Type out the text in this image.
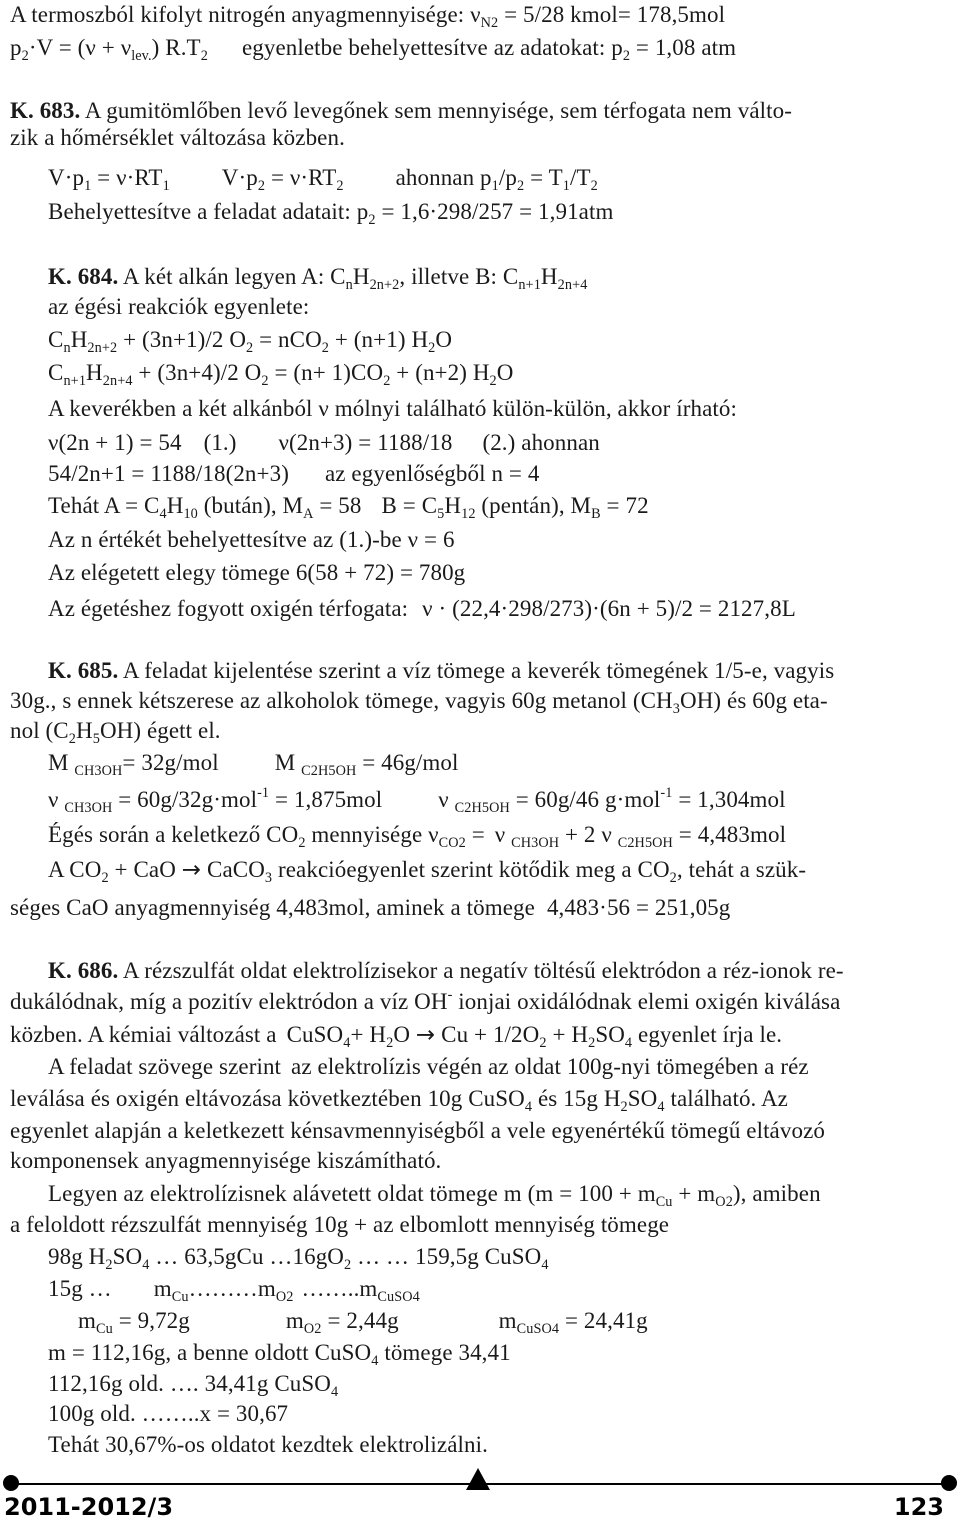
A termoszból kifolyt nitrogén anyagmennyisége: $\nu_{N2} = 5/28$ kmol= 178,5mol
$p_2\cdot V = (\nu + \nu_{lev.})$ $R.T_2$ egyenletbe behelyettesítve az adatokat: $p_2 = 1,08$ atm
K. 683. A gumitömlőben levő levegőnek sem mennyisége, sem térfogata nem válto-
zik a hőmérséklet változása közben.
$V\cdot p_1 = \nu\cdot RT_1$ $V\cdot p_2 = \nu\cdot RT_2$ ahonnan $p_1/p_2 = T_1/T_2$
Behelyettesítve a feladat adatait: $p_2 = 1,6\cdot 298/257 = 1,91atm$
K. 684. A két alkán legyen A: $C_nH_{2n+2}$, illetve B: $C_{n+1}H_{2n+4}$
az égési reakciók egyenlete:
$C_nH_{2n+2} + (3n+1)/2$ $O_2 = nCO_2 + (n+1)$ $H_2O$
$C_{n+1}H_{2n+4} + (3n+4)/2$ $O_2 = (n+ 1)CO_2 + (n+2)$ $H_2O$
A keverékben a két alkánból ν mólnyi található külön-külön, akkor írható:
ν(2n + 1) = 54 (1.) ν(2n+3) = 1188/18 (2.) ahonnan
54/2n+1 = 1188/18(2n+3) az egyenlőségből n = 4
Tehát $A = C_4H_{10}$ (bután), $M_A = 58$ $B = C_5H_{12}$ (pentán), $M_B = 72$
Az n értékét behelyettesítve az (1.)-be ν = 6
Az elégetett elegy tömege 6(58 + 72) = 780g
Az égetéshez fogyott oxigén térfogata: ν · (22,4·298/273)·(6n + 5)/2 = 2127,8L
K. 685. A feladat kijelentése szerint a víz tömege a keverék tömegének 1/5-e, vagyis
30g., s ennek kétszerese az alkoholok tömege, vagyis 60g metanol $(CH_3OH)$ és 60g eta-
nol $(C_2H_5OH)$ égett el.
M $_{CH3OH}$= 32g/mol M $_{C2H5OH}$ = 46g/mol
ν $_{CH3OH}$ = 60g/32g·mol$^{-1}$ = 1,875mol ν $_{C2H5OH}$ = 60g/46 g·mol$^{-1}$ = 1,304mol
Égés során a keletkező $CO_2$ mennyisége $\nu_{CO2} = \nu$ $_{CH3OH}$ + 2 ν $_{C2H5OH}$ = 4,483mol
A $CO_2$ + CaO → CaCO$_3$ reakcióegyenlet szerint kötődik meg a $CO_2$, tehát a szük-
séges CaO anyagmennyiség 4,483mol, aminek a tömege 4,483·56 = 251,05g
K. 686. A rézszulfát oldat elektrolízisekor a negatív töltésű elektródon a réz-ionok re-
dukálódnak, míg a pozitív elektródon a víz OH- ionjai oxidálódnak elemi oxigén kiválása
közben. A kémiai változást a CuSO$_4$+ $H_2O \to Cu + 1/2O_2 + H_2SO_4$ egyenlet írja le.
A feladat szövege szerint az elektrolízis végén az oldat 100g-nyi tömegében a réz
leválása és oxigén eltávozása következtében 10g CuSO$_4$ és 15g $H_2SO_4$ található. Az
egyenlet alapján a keletkezett kénsavmennyiségből a vele egyenértékű tömegű eltávozó
komponensek anyagmennyisége kiszámítható.
Legyen az elektrolízisnek alávetett oldat tömege m $(m = 100 + m_{Cu} + m_{O2})$, amiben
a feloldott rézszulfát mennyiség 10g + az elbomlott mennyiség tömege
98g $H_2SO_4$ … 63,5gCu $\dots 16gO_2$ … … 159,5g CuSO$_4$
15g … $m_{Cu}\dots\dots\dots m_{O2}$ $\dots\dots..m_{CuSO4}$
$m_{Cu} = 9,72g$	$m_{O2} = 2,44g$	$m_{CuSO4} = 24,41g$
m = 112,16g, a benne oldott CuSO$_4$ tömege 34,41
112,16g old. …. 34,41g CuSO$_4$
100g old. ……..x = 30,67
Tehát 30,67%-os oldatot kezdtek elektrolizálni.
2011-2012/3	123
